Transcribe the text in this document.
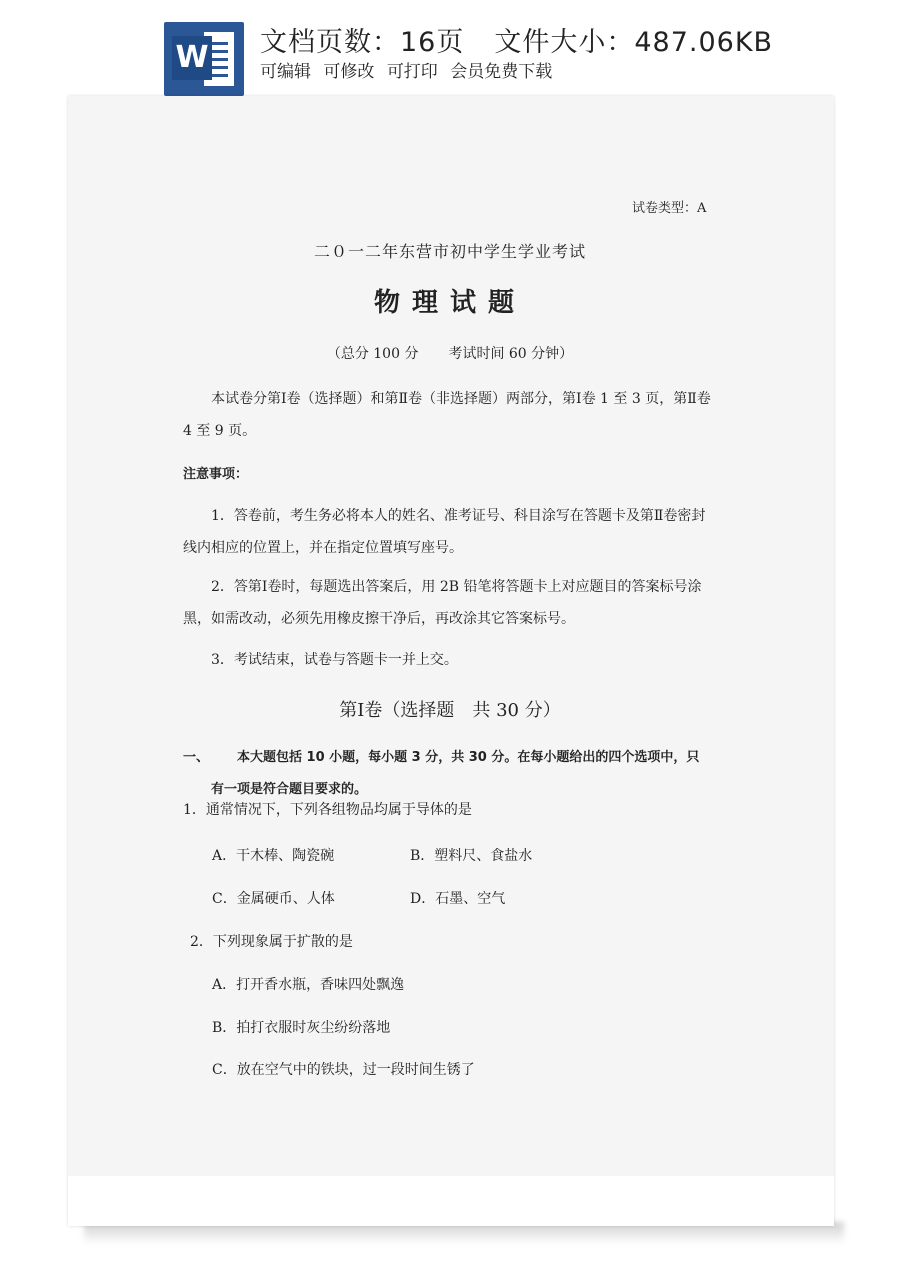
W 文档页数：16页 文件大小：487.06KB
可编辑 可修改 可打印 会员免费下载
试卷类型：A
二０一二年东营市初中学生学业考试
物理试题
（总分 100 分 考试时间 60 分钟）
本试卷分第Ⅰ卷（选择题）和第Ⅱ卷（非选择题）两部分，第Ⅰ卷 1 至 3 页，第Ⅱ卷 4 至 9 页。
注意事项：
1．答卷前，考生务必将本人的姓名、准考证号、科目涂写在答题卡及第Ⅱ卷密封线内相应的位置上，并在指定位置填写座号。
2．答第Ⅰ卷时，每题选出答案后，用 2B 铅笔将答题卡上对应题目的答案标号涂黑，如需改动，必须先用橡皮擦干净后，再改涂其它答案标号。
3．考试结束，试卷与答题卡一并上交。
第Ⅰ卷（选择题　共 30 分）
一、 本大题包括 10 小题，每小题 3 分，共 30 分。在每小题给出的四个选项中，只
有一项是符合题目要求的。
1．通常情况下，下列各组物品均属于导体的是
A．干木棒、陶瓷碗	B．塑料尺、食盐水
C．金属硬币、人体	D．石墨、空气
2．下列现象属于扩散的是
A．打开香水瓶，香味四处飘逸
B．拍打衣服时灰尘纷纷落地
C．放在空气中的铁块，过一段时间生锈了
